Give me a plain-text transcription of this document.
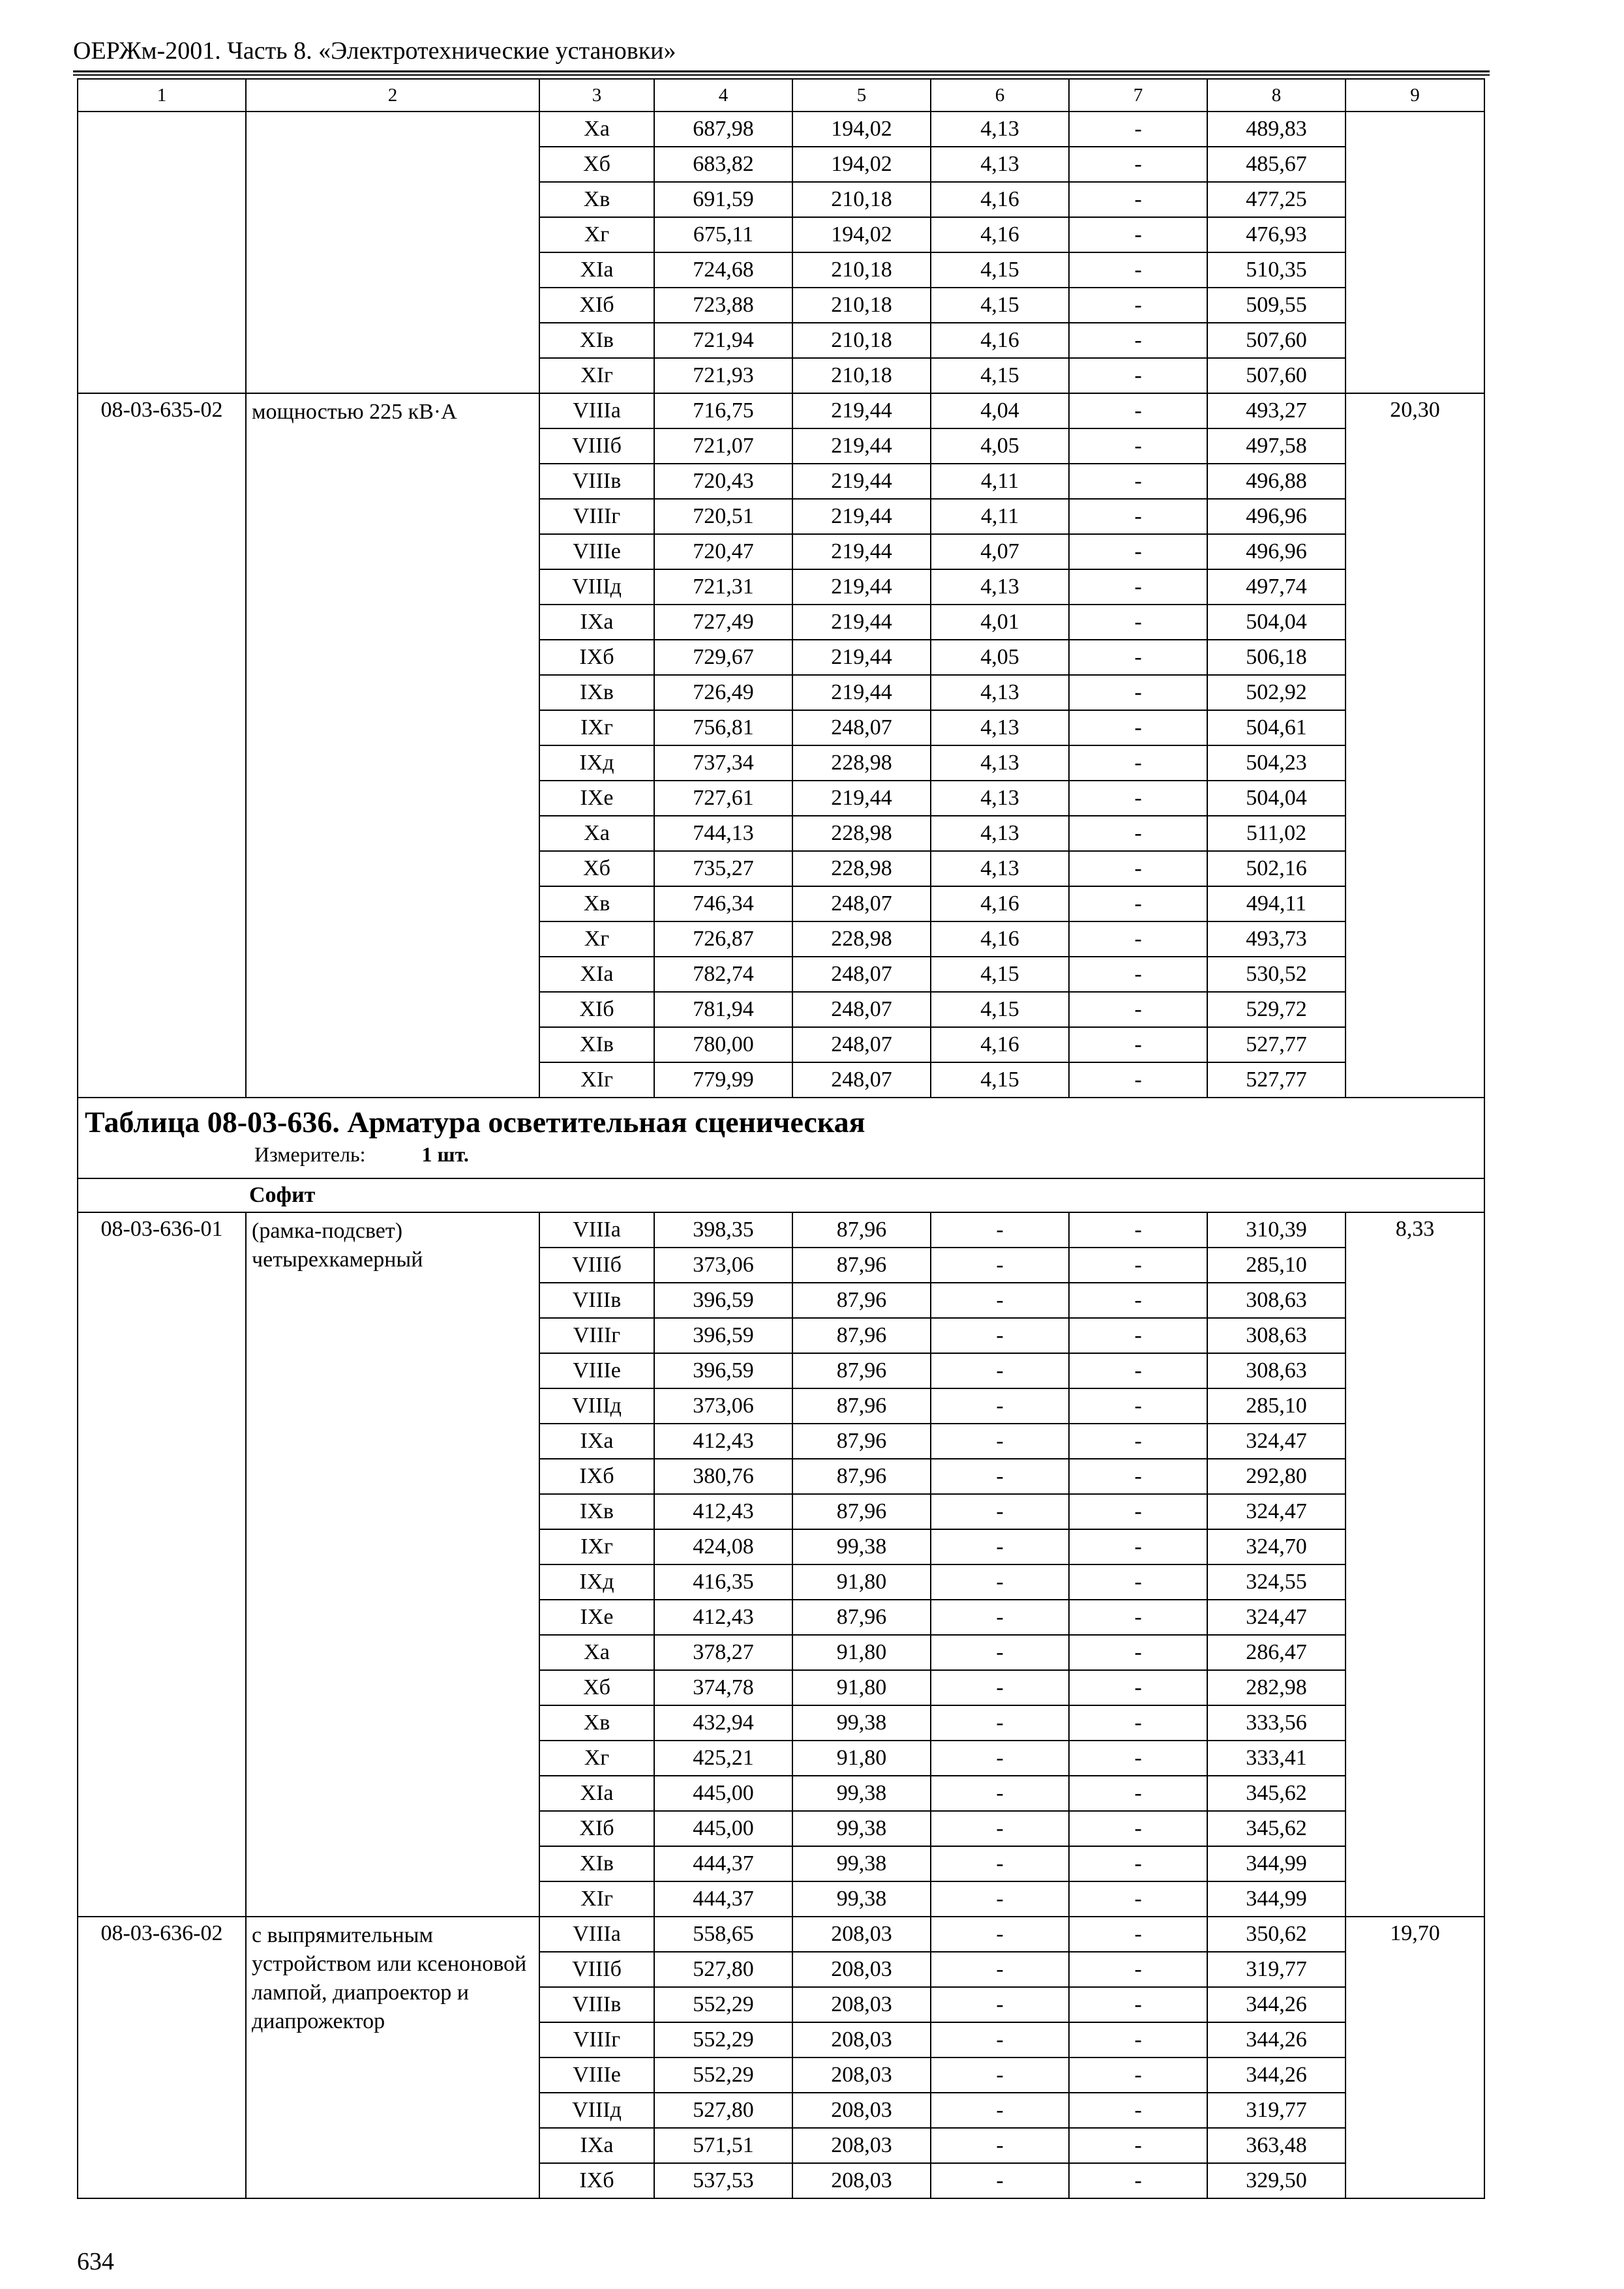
ОЕРЖм-2001. Часть 8. «Электротехнические установки»
1	2	3	4	5	6	7	8	9
		Xа	687,98	194,02	4,13	-	489,83	
		Xб	683,82	194,02	4,13	-	485,67	
		Xв	691,59	210,18	4,16	-	477,25	
		Xг	675,11	194,02	4,16	-	476,93	
		XIа	724,68	210,18	4,15	-	510,35	
		XIб	723,88	210,18	4,15	-	509,55	
		XIв	721,94	210,18	4,16	-	507,60	
		XIг	721,93	210,18	4,15	-	507,60	
08-03-635-02	мощностью 225 кВ·А	VIIIа	716,75	219,44	4,04	-	493,27	20,30
		VIIIб	721,07	219,44	4,05	-	497,58	
		VIIIв	720,43	219,44	4,11	-	496,88	
		VIIIг	720,51	219,44	4,11	-	496,96	
		VIIIе	720,47	219,44	4,07	-	496,96	
		VIIIд	721,31	219,44	4,13	-	497,74	
		IXа	727,49	219,44	4,01	-	504,04	
		IXб	729,67	219,44	4,05	-	506,18	
		IXв	726,49	219,44	4,13	-	502,92	
		IXг	756,81	248,07	4,13	-	504,61	
		IXд	737,34	228,98	4,13	-	504,23	
		IXе	727,61	219,44	4,13	-	504,04	
		Xа	744,13	228,98	4,13	-	511,02	
		Xб	735,27	228,98	4,13	-	502,16	
		Xв	746,34	248,07	4,16	-	494,11	
		Xг	726,87	228,98	4,16	-	493,73	
		XIа	782,74	248,07	4,15	-	530,52	
		XIб	781,94	248,07	4,15	-	529,72	
		XIв	780,00	248,07	4,16	-	527,77	
		XIг	779,99	248,07	4,15	-	527,77	

Таблица 08-03-636. Арматура осветительная сценическая
Измеритель: 1 шт.								

Софит								
08-03-636-01	(рамка-подсвет) четырехкамерный	VIIIа	398,35	87,96	-	-	310,39	8,33
		VIIIб	373,06	87,96	-	-	285,10	
		VIIIв	396,59	87,96	-	-	308,63	
		VIIIг	396,59	87,96	-	-	308,63	
		VIIIе	396,59	87,96	-	-	308,63	
		VIIIд	373,06	87,96	-	-	285,10	
		IXа	412,43	87,96	-	-	324,47	
		IXб	380,76	87,96	-	-	292,80	
		IXв	412,43	87,96	-	-	324,47	
		IXг	424,08	99,38	-	-	324,70	
		IXд	416,35	91,80	-	-	324,55	
		IXе	412,43	87,96	-	-	324,47	
		Xа	378,27	91,80	-	-	286,47	
		Xб	374,78	91,80	-	-	282,98	
		Xв	432,94	99,38	-	-	333,56	
		Xг	425,21	91,80	-	-	333,41	
		XIа	445,00	99,38	-	-	345,62	
		XIб	445,00	99,38	-	-	345,62	
		XIв	444,37	99,38	-	-	344,99	
		XIг	444,37	99,38	-	-	344,99	
08-03-636-02	с выпрямительным устройством или ксеноновой лампой, диапроектор и диапрожектор	VIIIа	558,65	208,03	-	-	350,62	19,70
		VIIIб	527,80	208,03	-	-	319,77	
		VIIIв	552,29	208,03	-	-	344,26	
		VIIIг	552,29	208,03	-	-	344,26	
		VIIIе	552,29	208,03	-	-	344,26	
		VIIIд	527,80	208,03	-	-	319,77	
		IXа	571,51	208,03	-	-	363,48	
		IXб	537,53	208,03	-	-	329,50	
634
